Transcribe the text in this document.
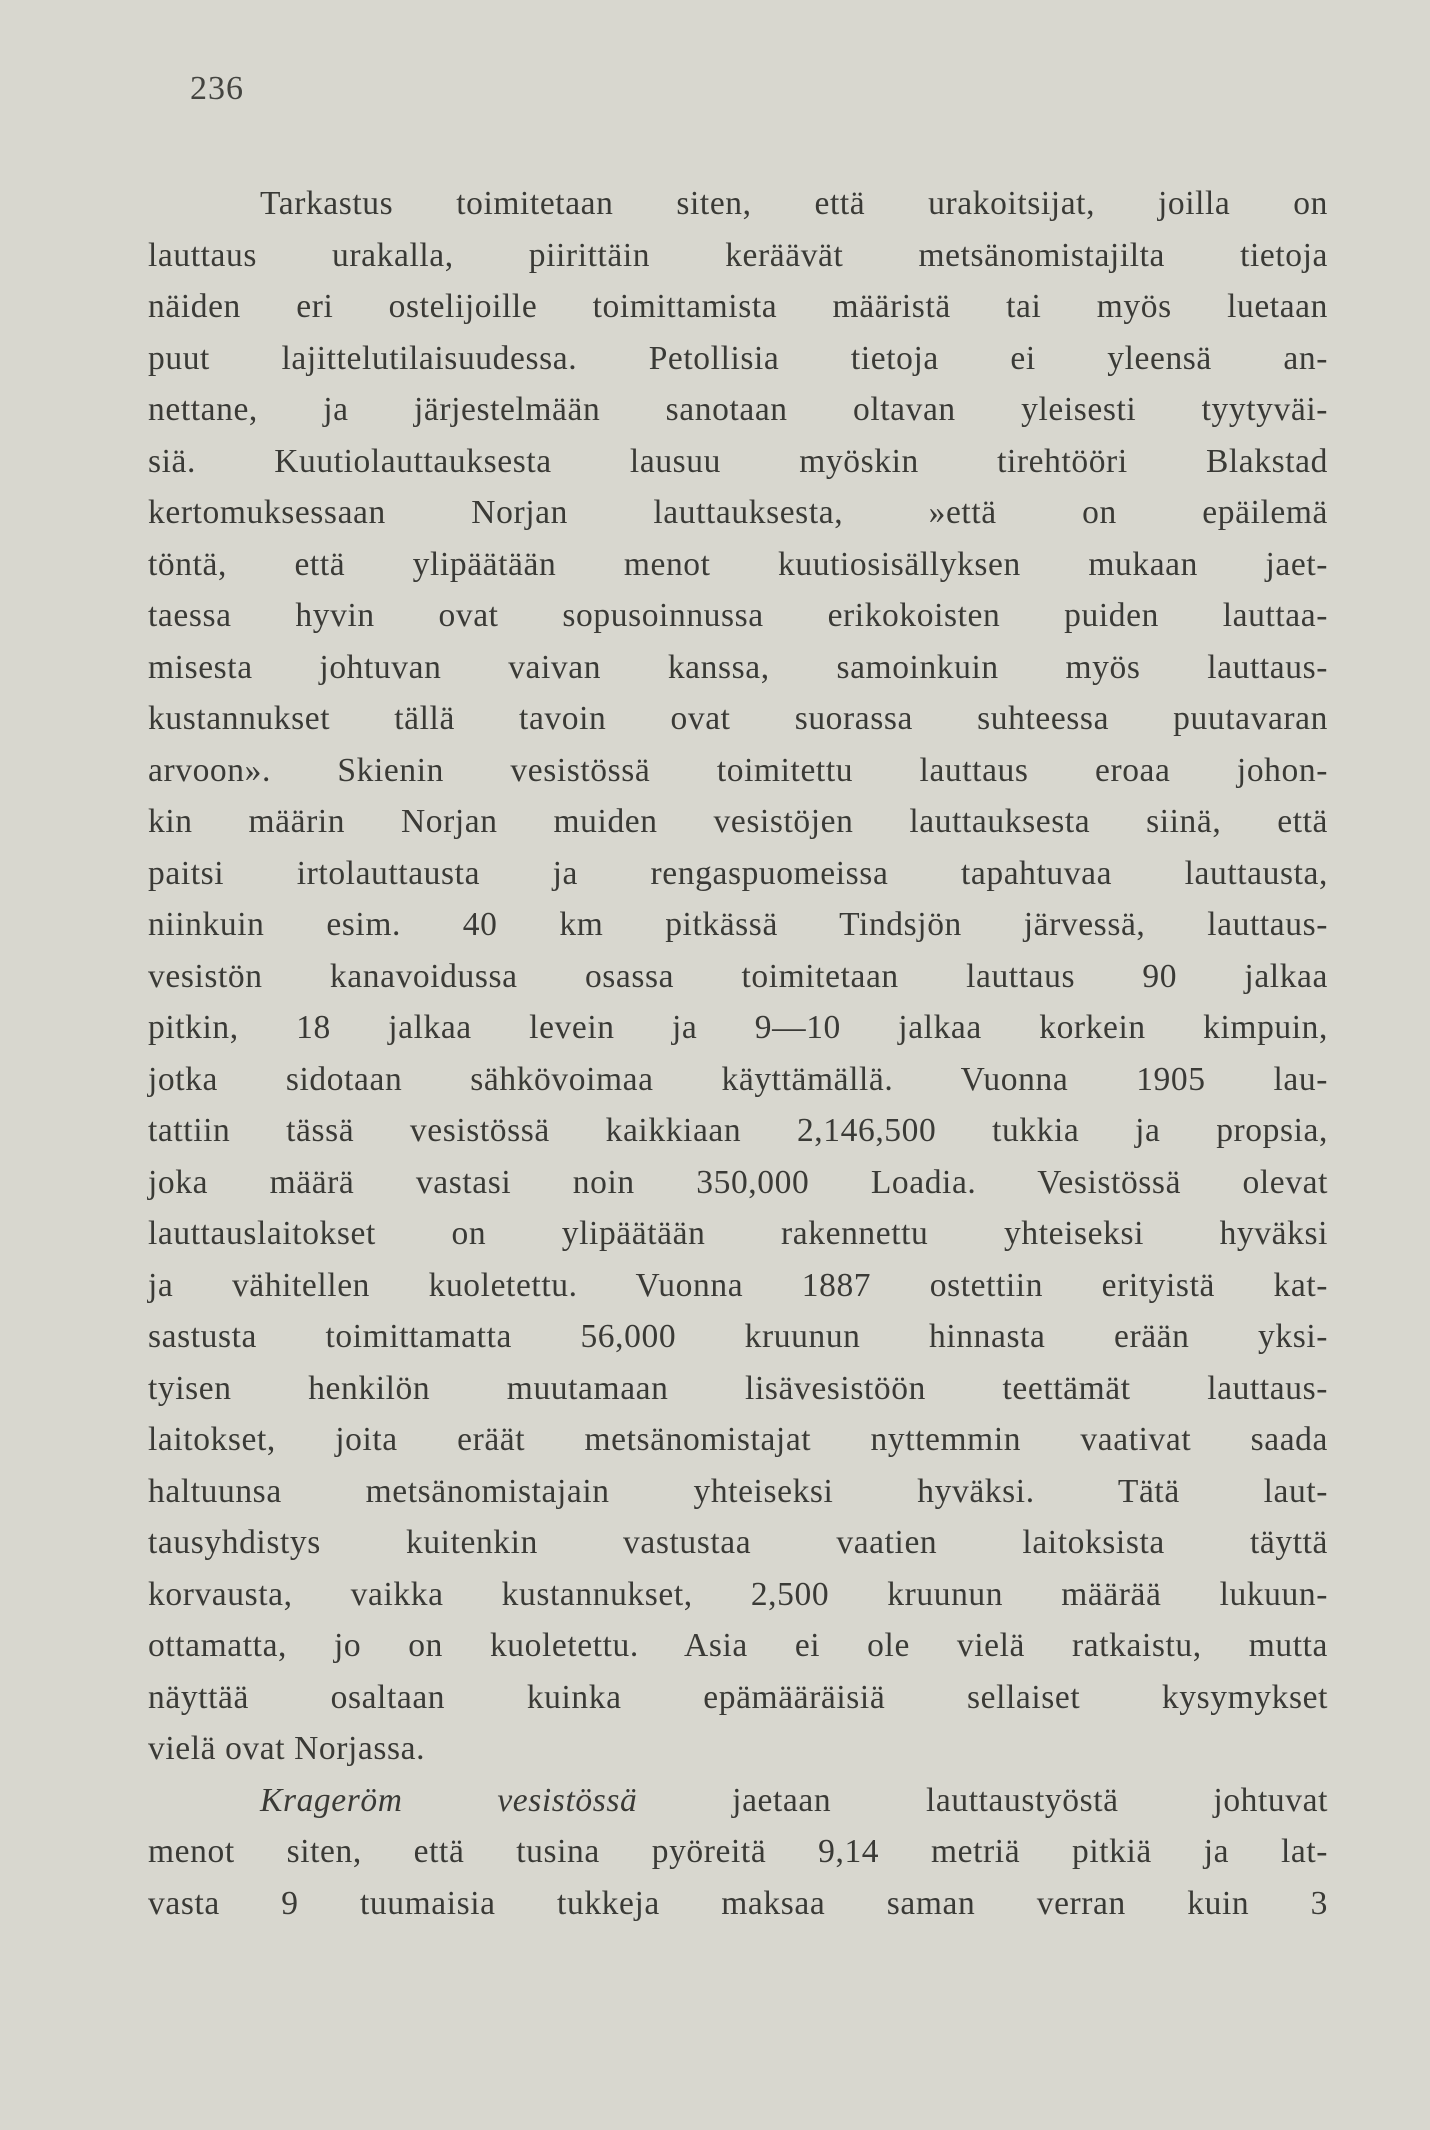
236
Tarkastus toimitetaan siten, että urakoitsijat, joilla on
lauttaus urakalla, piirittäin keräävät metsänomistajilta tietoja
näiden eri ostelijoille toimittamista määristä tai myös luetaan
puut lajittelutilaisuudessa. Petollisia tietoja ei yleensä an-
nettane, ja järjestelmään sanotaan oltavan yleisesti tyytyväi-
siä. Kuutiolauttauksesta lausuu myöskin tirehtööri Blakstad
kertomuksessaan Norjan lauttauksesta, »että on epäilemä
töntä, että ylipäätään menot kuutiosisällyksen mukaan jaet-
taessa hyvin ovat sopusoinnussa erikokoisten puiden lauttaa-
misesta johtuvan vaivan kanssa, samoinkuin myös lauttaus-
kustannukset tällä tavoin ovat suorassa suhteessa puutavaran
arvoon». Skienin vesistössä toimitettu lauttaus eroaa johon-
kin määrin Norjan muiden vesistöjen lauttauksesta siinä, että
paitsi irtolauttausta ja rengaspuomeissa tapahtuvaa lauttausta,
niinkuin esim. 40 km pitkässä Tindsjön järvessä, lauttaus-
vesistön kanavoidussa osassa toimitetaan lauttaus 90 jalkaa
pitkin, 18 jalkaa levein ja 9—10 jalkaa korkein kimpuin,
jotka sidotaan sähkövoimaa käyttämällä. Vuonna 1905 lau-
tattiin tässä vesistössä kaikkiaan 2,146,500 tukkia ja propsia,
joka määrä vastasi noin 350,000 Loadia. Vesistössä olevat
lauttauslaitokset on ylipäätään rakennettu yhteiseksi hyväksi
ja vähitellen kuoletettu. Vuonna 1887 ostettiin erityistä kat-
sastusta toimittamatta 56,000 kruunun hinnasta erään yksi-
tyisen henkilön muutamaan lisävesistöön teettämät lauttaus-
laitokset, joita eräät metsänomistajat nyttemmin vaativat saada
haltuunsa metsänomistajain yhteiseksi hyväksi. Tätä laut-
tausyhdistys kuitenkin vastustaa vaatien laitoksista täyttä
korvausta, vaikka kustannukset, 2,500 kruunun määrää lukuun-
ottamatta, jo on kuoletettu. Asia ei ole vielä ratkaistu, mutta
näyttää osaltaan kuinka epämääräisiä sellaiset kysymykset
vielä ovat Norjassa.
Krageröm vesistössä	jaetaan lauttaustyöstä johtuvat
menot siten, että tusina pyöreitä 9,14 metriä pitkiä ja lat-
vasta 9 tuumaisia tukkeja maksaa saman verran kuin 3
